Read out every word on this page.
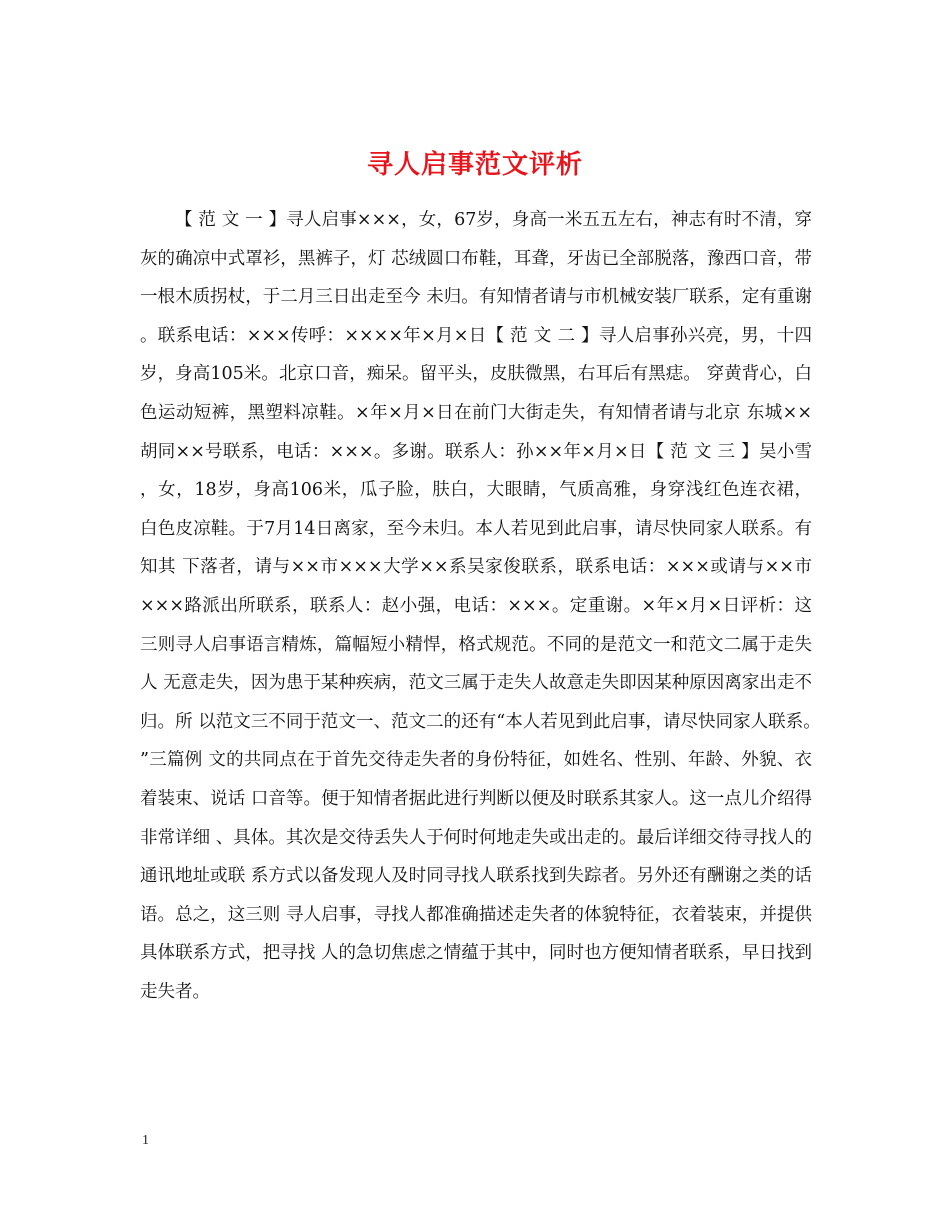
寻人启事范文评析

【 范 文 一 】寻人启事×××，女，67岁，身高一米五五左右，神志有时不清，穿灰的确凉中式罩衫，黑裤子，灯 芯绒圆口布鞋，耳聋，牙齿已全部脱落，豫西口音，带一根木质拐杖，于二月三日出走至今 未归。有知情者请与市机械安装厂联系，定有重谢。联系电话：×××传呼：××××年×月×日【 范 文 二 】寻人启事孙兴亮，男，十四岁，身高105米。北京口音，痴呆。留平头，皮肤微黑，右耳后有黑痣。 穿黄背心，白色运动短裤，黑塑料凉鞋。×年×月×日在前门大街走失，有知情者请与北京 东城××胡同××号联系，电话：×××。多谢。联系人：孙××年×月×日【 范 文 三 】吴小雪，女，18岁，身高106米，瓜子脸，肤白，大眼睛，气质高雅，身穿浅红色连衣裙， 白色皮凉鞋。于7月14日离家，至今未归。本人若见到此启事，请尽快同家人联系。有知其 下落者，请与××市×××大学××系吴家俊联系，联系电话：×××或请与××市 ×××路派出所联系，联系人：赵小强，电话：×××。定重谢。×年×月×日评析：这三则寻人启事语言精炼，篇幅短小精悍，格式规范。不同的是范文一和范文二属于走失人 无意走失，因为患于某种疾病，范文三属于走失人故意走失即因某种原因离家出走不归。所 以范文三不同于范文一、范文二的还有“本人若见到此启事，请尽快同家人联系。”三篇例 文的共同点在于首先交待走失者的身份特征，如姓名、性别、年龄、外貌、衣着装束、说话 口音等。便于知情者据此进行判断以便及时联系其家人。这一点儿介绍得非常详细 、具体。其次是交待丢失人于何时何地走失或出走的。最后详细交待寻找人的通讯地址或联 系方式以备发现人及时同寻找人联系找到失踪者。另外还有酬谢之类的话语。总之，这三则 寻人启事，寻找人都准确描述走失者的体貌特征，衣着装束，并提供具体联系方式，把寻找 人的急切焦虑之情蕴于其中，同时也方便知情者联系，早日找到走失者。

1
